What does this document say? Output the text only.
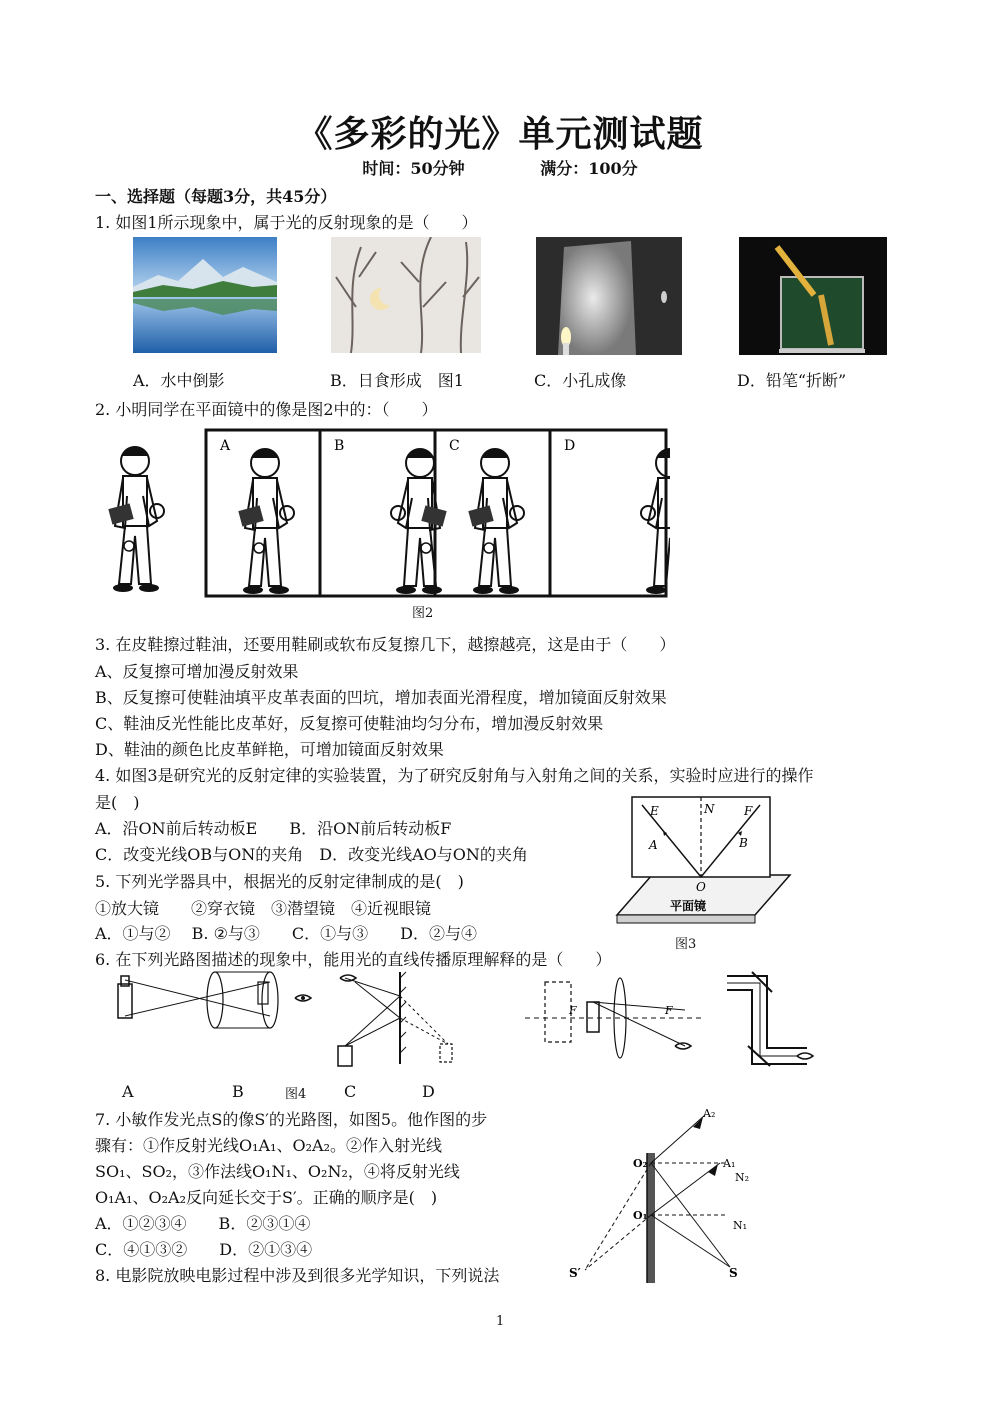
《多彩的光》单元测试题
时间：50分钟	满分：100分
一、选择题（每题3分，共45分）
1. 如图1所示现象中，属于光的反射现象的是（　　）
A．水中倒影	B．日食形成　图1	C．小孔成像	D．铅笔“折断”
2. 小明同学在平面镜中的像是图2中的：（　　）
A	B	C	D
图2
3. 在皮鞋擦过鞋油，还要用鞋刷或软布反复擦几下，越擦越亮，这是由于（　　）
A、反复擦可增加漫反射效果
B、反复擦可使鞋油填平皮革表面的凹坑，增加表面光滑程度，增加镜面反射效果
C、鞋油反光性能比皮革好，反复擦可使鞋油均匀分布，增加漫反射效果
D、鞋油的颜色比皮革鲜艳，可增加镜面反射效果
4. 如图3是研究光的反射定律的实验装置，为了研究反射角与入射角之间的关系，实验时应进行的操作
是(　)
A．沿ON前后转动板E　　B．沿ON前后转动板F
C．改变光线OB与ON的夹角　D．改变光线AO与ON的夹角
E	N F
A	B
O
平面镜
图3
5. 下列光学器具中，根据光的反射定律制成的是(　)
①放大镜　　②穿衣镜　③潜望镜　④近视眼镜
A．①与②　 B. ②与③　　C．①与③　　D．②与④
6. 在下列光路图描述的现象中，能用光的直线传播原理解释的是（　　）
F
F
A	B	图4 C	D
7. 小敏作发光点S的像S′的光路图，如图5。他作图的步
骤有：①作反射光线O₁A₁、O₂A₂。②作入射光线
SO₁、SO₂，③作法线O₁N₁、O₂N₂，④将反射光线
O₁A₁、O₂A₂反向延长交于S′。正确的顺序是(　)
A．①②③④　　B．②③①④
C．④①③②　　D．②①③④
A₂
A₁
N₂
N₁
O₂
O₁
S′	S
8. 电影院放映电影过程中涉及到很多光学知识，下列说法
1
